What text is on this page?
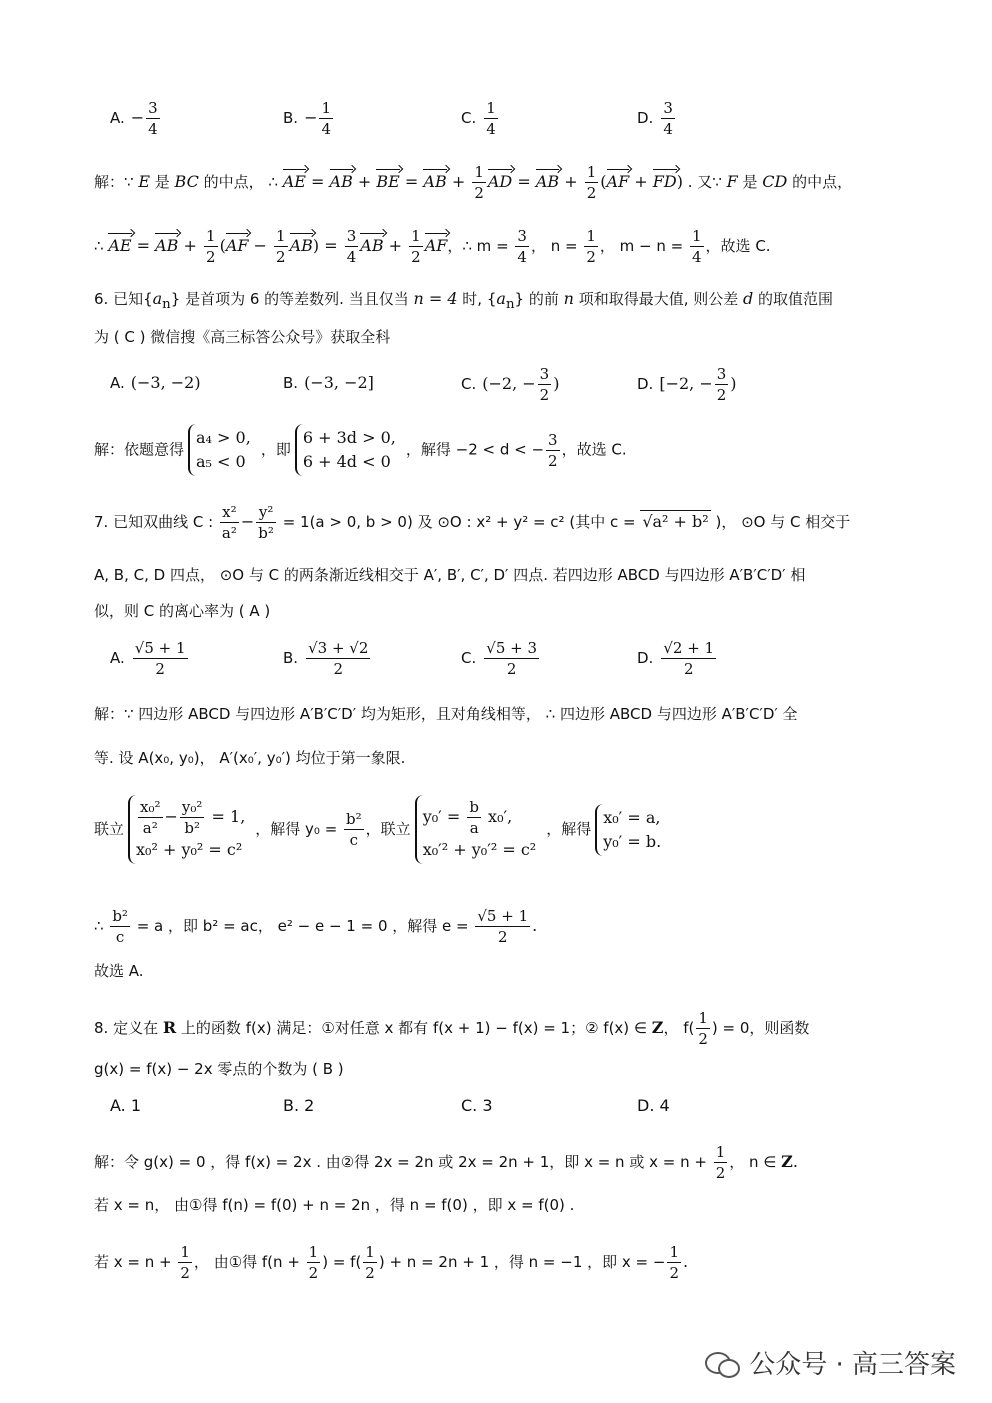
A. − $\frac{3}{4}$	B. − $\frac{1}{4}$	C. $\frac{1}{4}$	D. $\frac{3}{4}$
解：∵ E 是 BC 的中点， ∴ AE = AB + BE = AB + $\frac{1}{2}$ AD = AB + $\frac{1}{2} (AF + FD)$ . 又∵ F 是 CD 的中点，
∴ AE = AB + $\frac{1}{2} (AF - \frac{1}{2} AB) = \frac{3}{4}$ AB + $\frac{1}{2}$ AF，∴ $m = \frac{3}{4}$ ， $n = \frac{1}{2}$ ， $m - n = \frac{1}{4}$ ，故选 C.
6. 已知$\{a_n\}$ 是首项为 6 的等差数列. 当且仅当 n = 4 时, $\{a_n\}$ 的前 n 项和取得最大值, 则公差 d 的取值范围
为 ( C ) 微信搜《高三标答公众号》获取全科
A. (−3, −2)	B. (−3, −2]	C. (−2, − $\frac{3}{2}$ )	D. [−2, − $\frac{3}{2}$ )
解：依题意得
a₄ > 0,
a₅ < 0
，即
6 + 3d > 0,
6 + 4d < 0
，解得 −2 < d < − $\frac{3}{2}$ ，故选 C.
7. 已知双曲线 C : $\frac{\text{x²}}{\text{a²}} - \frac{\text{y²}}{\text{b²}} = 1(a > 0$, b > 0) 及 ⊙O : x² + y² = c² (其中 c = √ a² + b² )， ⊙O 与 C 相交于
A, B, C, D 四点， ⊙O 与 C 的两条渐近线相交于 A′, B′, C′, D′ 四点. 若四边形 ABCD 与四边形 A′B′C′D′ 相
似，则 C 的离心率为 ( A )
A. $\frac{√5 + 1}{2}$	B. $\frac{√3 + √2}{2}$	C. $\frac{√5 + 3}{2}$	D. $\frac{√2 + 1}{2}$
解：∵ 四边形 ABCD 与四边形 A′B′C′D′ 均为矩形，且对角线相等， ∴ 四边形 ABCD 与四边形 A′B′C′D′ 全
等. 设 A(x₀, y₀)， A′(x₀′, y₀′) 均位于第一象限.
联立 $\frac{\text{x₀²}}{\text{a²}} - \frac{\text{y₀²}}{\text{b²}} = 1$,
x₀² + y₀² = c²
，解得 $y_0 = \frac{\text{b²}}{c}$ ，联立
$y_0' = \frac{b}{a} x_0'$,
x₀′² + y₀′² = c²
，解得
x₀′ = a,
y₀′ = b.
∴ $\frac{\text{b²}}{c} = a$ ，即 b² = ac， e² − e − 1 = 0 ，解得 $e = \frac{√5 + 1}{2}$ .
故选 A.
8. 定义在 R 上的函数 f(x) 满足：①对任意 x 都有 f(x + 1) − f(x) = 1；② f(x) ∈ Z， $f( \frac{1}{2}$ ) = 0，则函数
g(x) = f(x) − 2x 零点的个数为 ( B )
A. 1	B. 2	C. 3	D. 4
解：令 g(x) = 0 ，得 f(x) = 2x . 由②得 2x = 2n 或 2x = 2n + 1，即 x = n 或 $x = n + \frac{1}{2}$ ， n ∈ Z.
若 x = n， 由①得 f(n) = f(0) + n = 2n ，得 n = f(0) ，即 x = f(0) .
若 $x = n + \frac{1}{2}$ ， 由①得 $f(n + \frac{1}{2}$ ) = $f( \frac{1}{2}$ ) + n = 2n + 1 ，得 n = −1 ，即 x = − $\frac{1}{2}$ .
公众号 · 高三答案
